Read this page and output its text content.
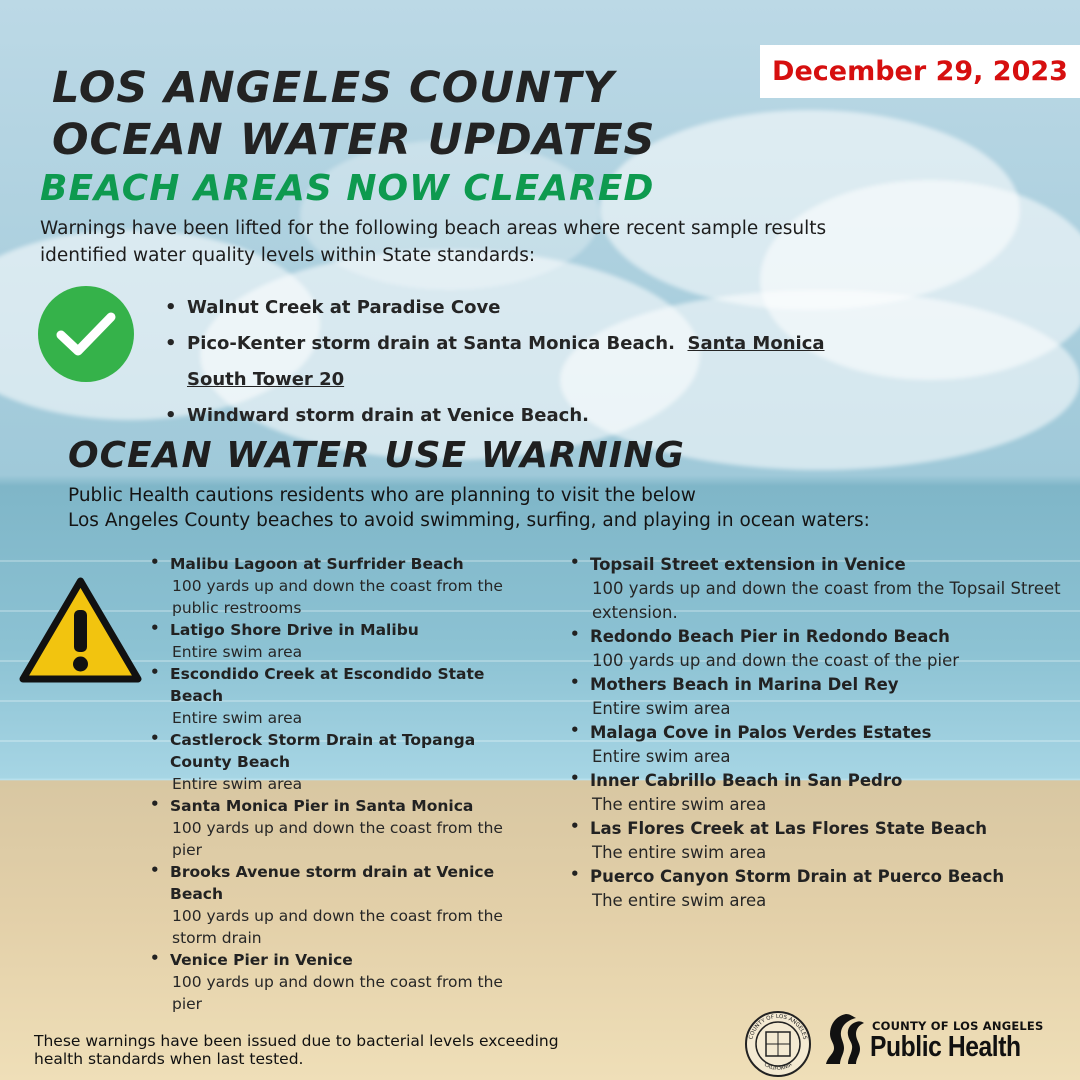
December 29, 2023
LOS ANGELES COUNTY
OCEAN WATER UPDATES
BEACH AREAS NOW CLEARED
Warnings have been lifted for the following beach areas where recent sample results identified water quality levels within State standards:
• Walnut Creek at Paradise Cove
• Pico-Kenter storm drain at Santa Monica Beach. Santa Monica South Tower 20
• Windward storm drain at Venice Beach.
OCEAN WATER USE WARNING
Public Health cautions residents who are planning to visit the below
Los Angeles County beaches to avoid swimming, surfing, and playing in ocean waters:
• Malibu Lagoon at Surfrider Beach
100 yards up and down the coast from the public restrooms
• Latigo Shore Drive in Malibu
Entire swim area
• Escondido Creek at Escondido State Beach
Entire swim area
• Castlerock Storm Drain at Topanga County Beach
Entire swim area
• Santa Monica Pier in Santa Monica
100 yards up and down the coast from the pier
• Brooks Avenue storm drain at Venice Beach
100 yards up and down the coast from the storm drain
• Venice Pier in Venice
100 yards up and down the coast from the pier
• Topsail Street extension in Venice
100 yards up and down the coast from the Topsail Street extension.
• Redondo Beach Pier in Redondo Beach
100 yards up and down the coast of the pier
• Mothers Beach in Marina Del Rey
Entire swim area
• Malaga Cove in Palos Verdes Estates
Entire swim area
• Inner Cabrillo Beach in San Pedro
The entire swim area
• Las Flores Creek at Las Flores State Beach
The entire swim area
• Puerco Canyon Storm Drain at Puerco Beach
The entire swim area
These warnings have been issued due to bacterial levels exceeding health standards when last tested.
COUNTY OF LOS ANGELES
CALIFORNIA
COUNTY OF LOS ANGELES
Public Health
